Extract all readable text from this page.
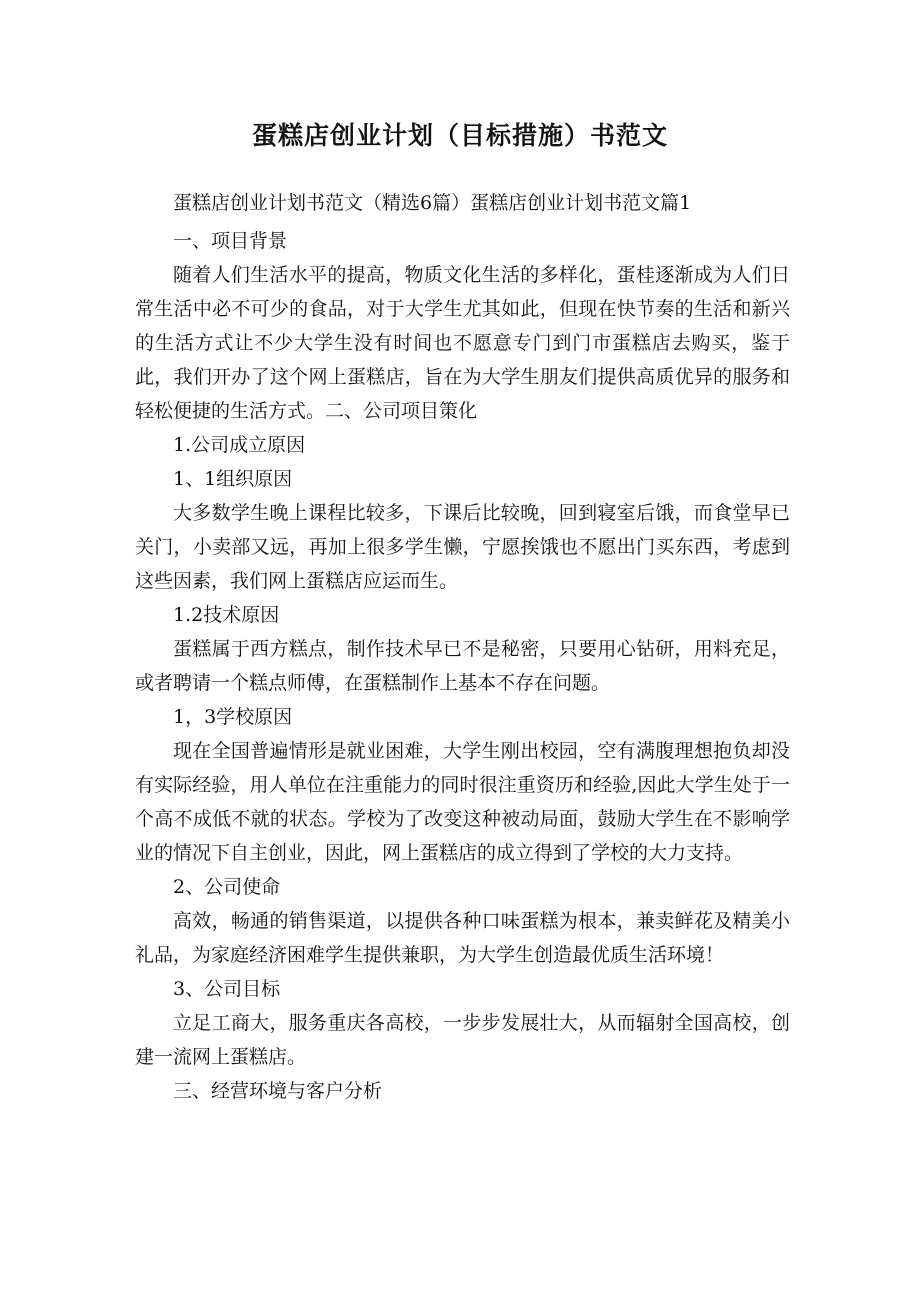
蛋糕店创业计划（目标措施）书范文

蛋糕店创业计划书范文（精选6篇）蛋糕店创业计划书范文篇1

一、项目背景

随着人们生活水平的提高，物质文化生活的多样化，蛋桂逐渐成为人们日常生活中必不可少的食品，对于大学生尤其如此，但现在快节奏的生活和新兴的生活方式让不少大学生没有时间也不愿意专门到门市蛋糕店去购买，鉴于此，我们开办了这个网上蛋糕店，旨在为大学生朋友们提供高质优异的服务和轻松便捷的生活方式。二、公司项目策化

1.公司成立原因

1、1组织原因

大多数学生晚上课程比较多，下课后比较晚，回到寝室后饿，而食堂早已关门，小卖部又远，再加上很多学生懒，宁愿挨饿也不愿出门买东西，考虑到这些因素，我们网上蛋糕店应运而生。

1.2技术原因

蛋糕属于西方糕点，制作技术早已不是秘密，只要用心钻研，用料充足，或者聘请一个糕点师傅，在蛋糕制作上基本不存在问题。

1，3学校原因

现在全国普遍情形是就业困难，大学生刚出校园，空有满腹理想抱负却没有实际经验，用人单位在注重能力的同时很注重资历和经验,因此大学生处于一个高不成低不就的状态。学校为了改变这种被动局面，鼓励大学生在不影响学业的情况下自主创业，因此，网上蛋糕店的成立得到了学校的大力支持。

2、公司使命

高效，畅通的销售渠道，以提供各种口味蛋糕为根本，兼卖鲜花及精美小礼品，为家庭经济困难学生提供兼职，为大学生创造最优质生活环境！

3、公司目标

立足工商大，服务重庆各高校，一步步发展壮大，从而辐射全国高校，创建一流网上蛋糕店。

三、经营环境与客户分析
